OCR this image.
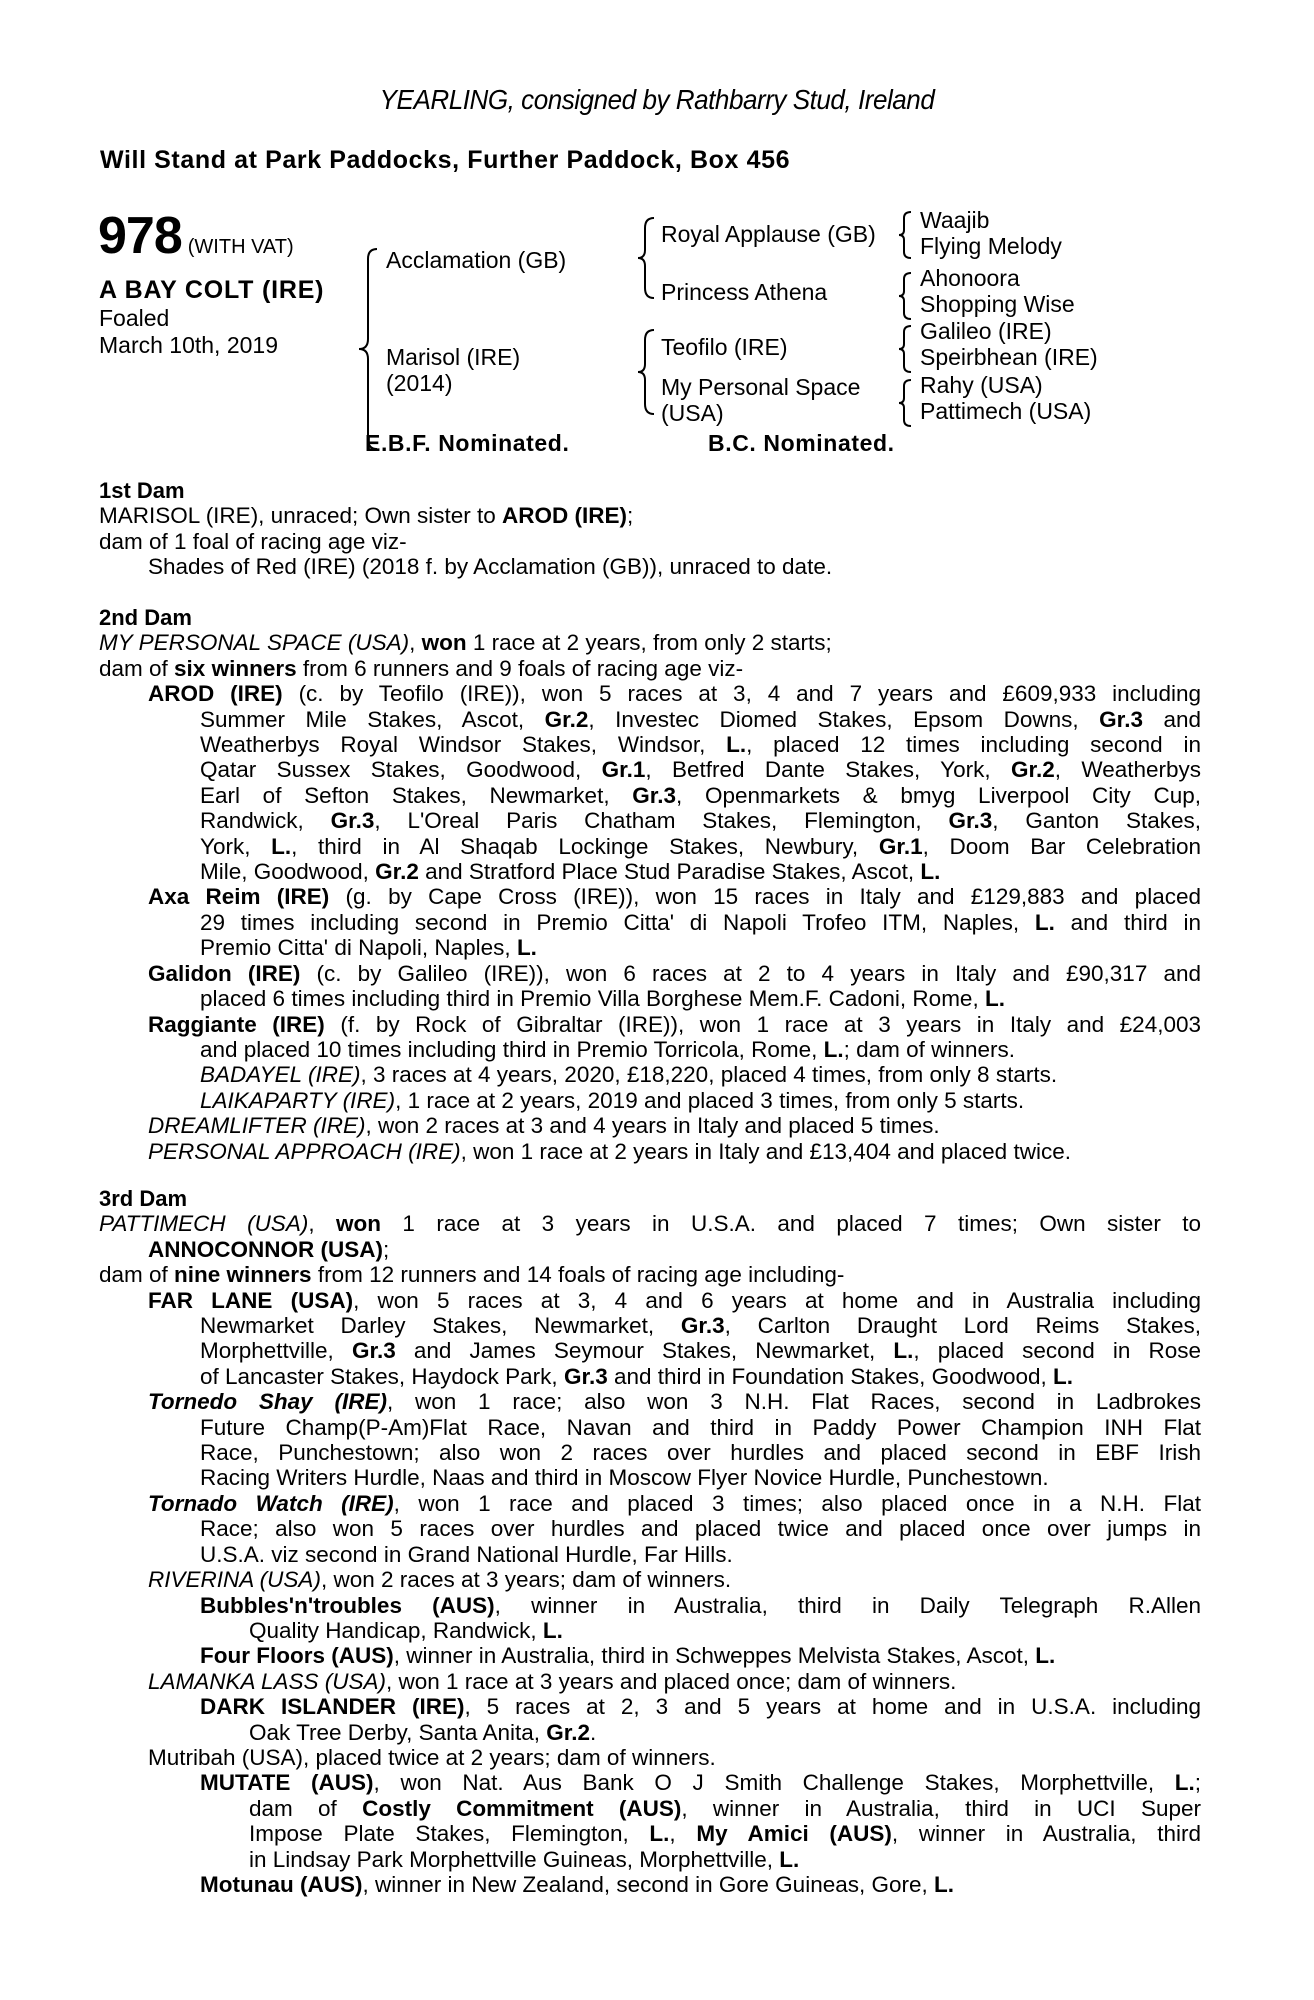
YEARLING, consigned by Rathbarry Stud, Ireland
Will Stand at Park Paddocks, Further Paddock, Box 456
978 (WITH VAT)
A BAY COLT (IRE)
Foaled
March 10th, 2019
Acclamation (GB)
Marisol (IRE)
(2014)
Royal Applause (GB)
Princess Athena
Teofilo (IRE)
My Personal Space
(USA)
Waajib
Flying Melody
Ahonoora
Shopping Wise
Galileo (IRE)
Speirbhean (IRE)
Rahy (USA)
Pattimech (USA)
E.B.F. Nominated.	B.C. Nominated.
1st Dam
MARISOL (IRE), unraced; Own sister to AROD (IRE);
dam of 1 foal of racing age viz-
Shades of Red (IRE) (2018 f. by Acclamation (GB)), unraced to date.
2nd Dam
MY PERSONAL SPACE (USA), won 1 race at 2 years, from only 2 starts;
dam of six winners from 6 runners and 9 foals of racing age viz-
AROD (IRE) (c. by Teofilo (IRE)), won 5 races at 3, 4 and 7 years and £609,933 including
Summer Mile Stakes, Ascot, Gr.2, Investec Diomed Stakes, Epsom Downs, Gr.3 and
Weatherbys Royal Windsor Stakes, Windsor, L., placed 12 times including second in
Qatar Sussex Stakes, Goodwood, Gr.1, Betfred Dante Stakes, York, Gr.2, Weatherbys
Earl of Sefton Stakes, Newmarket, Gr.3, Openmarkets & bmyg Liverpool City Cup,
Randwick, Gr.3, L'Oreal Paris Chatham Stakes, Flemington, Gr.3, Ganton Stakes,
York, L., third in Al Shaqab Lockinge Stakes, Newbury, Gr.1, Doom Bar Celebration
Mile, Goodwood, Gr.2 and Stratford Place Stud Paradise Stakes, Ascot, L.
Axa Reim (IRE) (g. by Cape Cross (IRE)), won 15 races in Italy and £129,883 and placed
29 times including second in Premio Citta' di Napoli Trofeo ITM, Naples, L. and third in
Premio Citta' di Napoli, Naples, L.
Galidon (IRE) (c. by Galileo (IRE)), won 6 races at 2 to 4 years in Italy and £90,317 and
placed 6 times including third in Premio Villa Borghese Mem.F. Cadoni, Rome, L.
Raggiante (IRE) (f. by Rock of Gibraltar (IRE)), won 1 race at 3 years in Italy and £24,003
and placed 10 times including third in Premio Torricola, Rome, L.; dam of winners.
BADAYEL (IRE), 3 races at 4 years, 2020, £18,220, placed 4 times, from only 8 starts.
LAIKAPARTY (IRE), 1 race at 2 years, 2019 and placed 3 times, from only 5 starts.
DREAMLIFTER (IRE), won 2 races at 3 and 4 years in Italy and placed 5 times.
PERSONAL APPROACH (IRE), won 1 race at 2 years in Italy and £13,404 and placed twice.
3rd Dam
PATTIMECH (USA), won 1 race at 3 years in U.S.A. and placed 7 times; Own sister to
ANNOCONNOR (USA);
dam of nine winners from 12 runners and 14 foals of racing age including-
FAR LANE (USA), won 5 races at 3, 4 and 6 years at home and in Australia including
Newmarket Darley Stakes, Newmarket, Gr.3, Carlton Draught Lord Reims Stakes,
Morphettville, Gr.3 and James Seymour Stakes, Newmarket, L., placed second in Rose
of Lancaster Stakes, Haydock Park, Gr.3 and third in Foundation Stakes, Goodwood, L.
Tornedo Shay (IRE), won 1 race; also won 3 N.H. Flat Races, second in Ladbrokes
Future Champ(P-Am)Flat Race, Navan and third in Paddy Power Champion INH Flat
Race, Punchestown; also won 2 races over hurdles and placed second in EBF Irish
Racing Writers Hurdle, Naas and third in Moscow Flyer Novice Hurdle, Punchestown.
Tornado Watch (IRE), won 1 race and placed 3 times; also placed once in a N.H. Flat
Race; also won 5 races over hurdles and placed twice and placed once over jumps in
U.S.A. viz second in Grand National Hurdle, Far Hills.
RIVERINA (USA), won 2 races at 3 years; dam of winners.
Bubbles'n'troubles (AUS), winner in Australia, third in Daily Telegraph R.Allen
Quality Handicap, Randwick, L.
Four Floors (AUS), winner in Australia, third in Schweppes Melvista Stakes, Ascot, L.
LAMANKA LASS (USA), won 1 race at 3 years and placed once; dam of winners.
DARK ISLANDER (IRE), 5 races at 2, 3 and 5 years at home and in U.S.A. including
Oak Tree Derby, Santa Anita, Gr.2.
Mutribah (USA), placed twice at 2 years; dam of winners.
MUTATE (AUS), won Nat. Aus Bank O J Smith Challenge Stakes, Morphettville, L.;
dam of Costly Commitment (AUS), winner in Australia, third in UCI Super
Impose Plate Stakes, Flemington, L., My Amici (AUS), winner in Australia, third
in Lindsay Park Morphettville Guineas, Morphettville, L.
Motunau (AUS), winner in New Zealand, second in Gore Guineas, Gore, L.
